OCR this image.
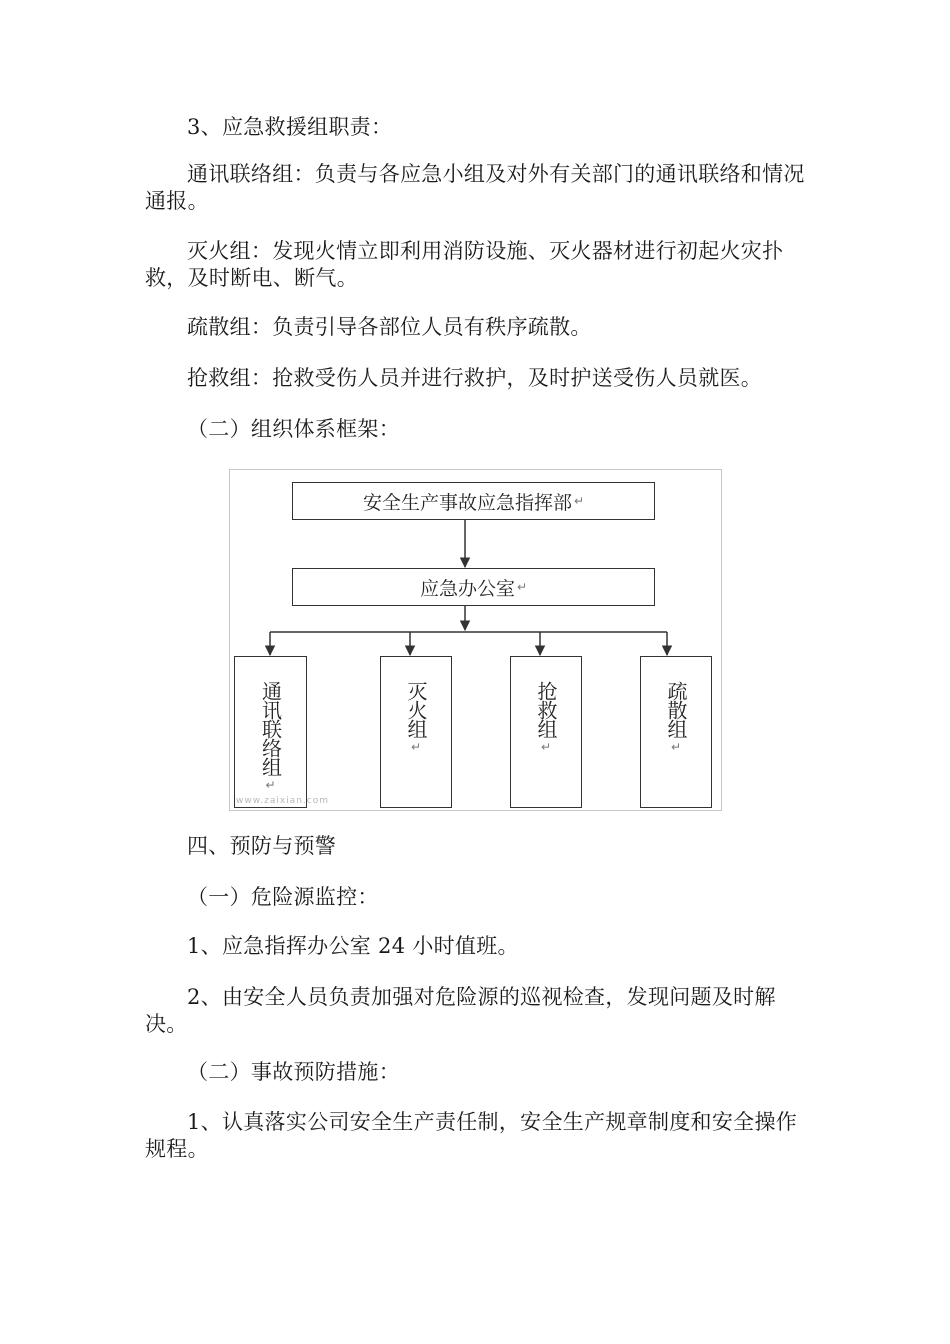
3、应急救援组职责：

通讯联络组：负责与各应急小组及对外有关部门的通讯联络和情况通报。

灭火组：发现火情立即利用消防设施、灭火器材进行初起火灾扑救，及时断电、断气。

疏散组：负责引导各部位人员有秩序疏散。

抢救组：抢救受伤人员并进行救护，及时护送受伤人员就医。

（二）组织体系框架：

安全生产事故应急指挥部 ↵
应急办公室 ↵
通讯联络组
↵
灭火组
↵
抢救组
↵
疏散组
↵
www.zaixian.com

四、预防与预警

（一）危险源监控：

1、应急指挥办公室 24 小时值班。

2、由安全人员负责加强对危险源的巡视检查，发现问题及时解决。

（二）事故预防措施：

1、认真落实公司安全生产责任制，安全生产规章制度和安全操作规程。
